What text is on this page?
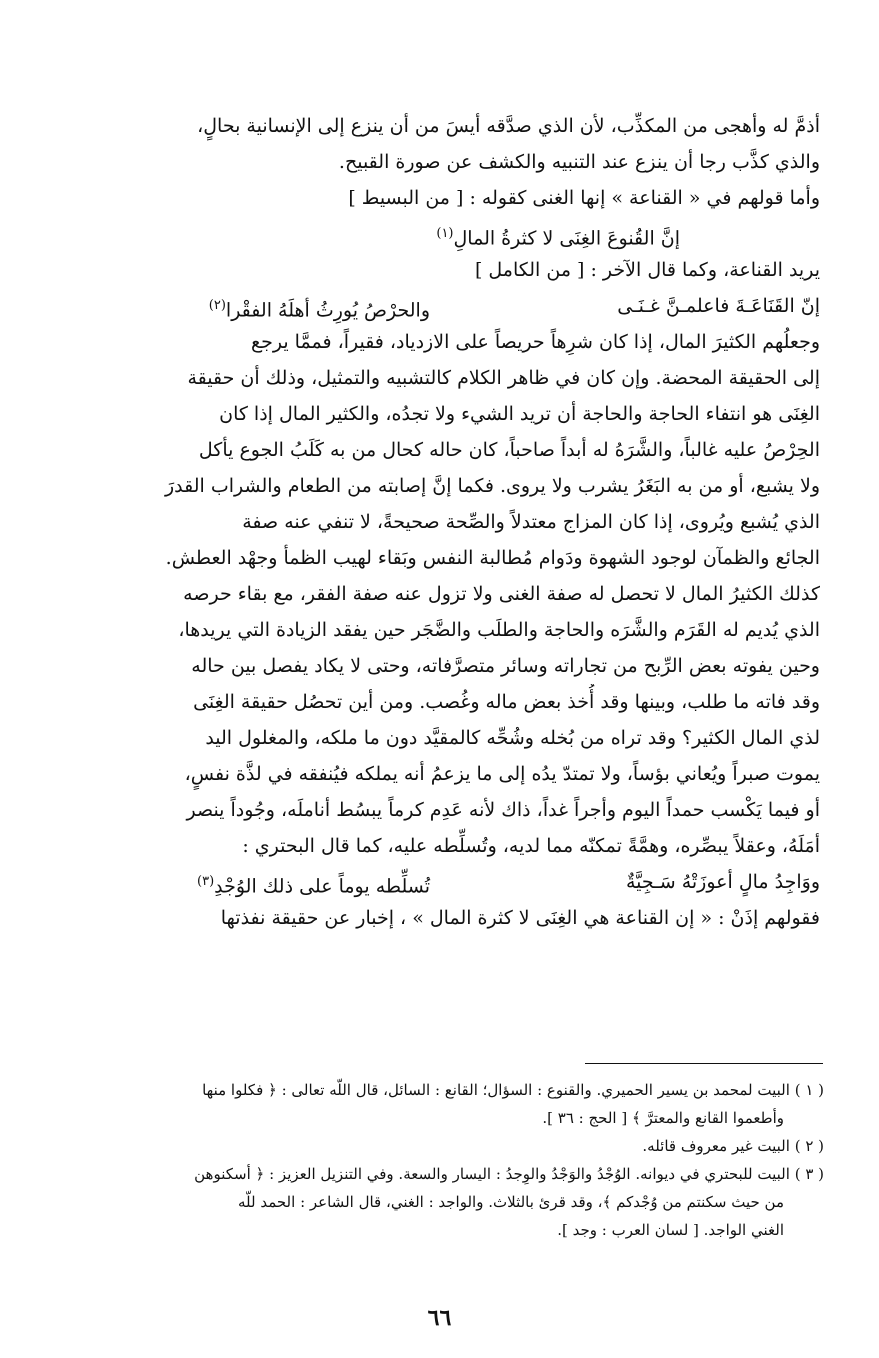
أذمَّ له وأهجى من المكذِّب، لأن الذي صدَّقه أيسَ من أن ينزع إلى الإنسانية بحالٍ،
والذي كذَّب رجا أن ينزع عند التنبيه والكشف عن صورة القبيح.
وأما قولهم في « القناعة » إنها الغنى كقوله : [ من البسيط ]
إنَّ القُنوعَ الغِنَى لا كثرةُ المالِ$^{(١)}$
يريد القناعة، وكما قال الآخر : [ من الكامل ]
إنّ القَنَاعَـةَ فاعلمـنَّ غـنَـى
والحرْصُ يُورِثُ أهلَهُ الفقْرا$^{(٢)}$
وجعلُهم الكثيرَ المال، إذا كان شرِهاً حريصاً على الازدياد، فقيراً، فممَّا يرجع
إلى الحقيقة المحضة. وإن كان في ظاهر الكلام كالتشبيه والتمثيل، وذلك أن حقيقة
الغِنَى هو انتفاء الحاجة والحاجة أن تريد الشيء ولا تجدُه، والكثير المال إذا كان
الحِرْصُ عليه غالباً، والشَّرَهُ له أبداً صاحباً، كان حاله كحال من به كَلَبُ الجوع يأكل
ولا يشبع، أو من به البَغَرُ يشرب ولا يروى. فكما إنَّ إصابته من الطعام والشراب القدرَ
الذي يُشبع ويُروى، إذا كان المزاج معتدلاً والصِّحة صحيحةً، لا تنفي عنه صفة
الجائع والظمآن لوجود الشهوة ودَوام مُطالبة النفس وبَقاء لهيب الظمأ وجهْد العطش.
كذلك الكثيرُ المال لا تحصل له صفة الغنى ولا تزول عنه صفة الفقر، مع بقاء حرصه
الذي يُديم له القَرَم والشَّرَه والحاجة والطلَب والضَّجَر حين يفقد الزيادة التي يريدها،
وحين يفوته بعض الرِّبح من تجاراته وسائر متصرَّفاته، وحتى لا يكاد يفصل بين حاله
وقد فاته ما طلب، وبينها وقد أُخذ بعض ماله وغُصب. ومن أين تحصُل حقيقة الغِنَى
لذي المال الكثير؟ وقد تراه من بُخله وشُحِّه كالمقيَّد دون ما ملكه، والمغلول اليد
يموت صبراً ويُعاني بؤساً، ولا تمتدّ يدُه إلى ما يزعمُ أنه يملكه فيُنفقه في لذَّة نفسٍ،
أو فيما يَكْسب حمداً اليوم وأجراً غداً، ذاك لأنه عَدِم كرماً يبسُط أناملَه، وجُوداً ينصر
أمَلَهُ، وعقلاً يبصِّره، وهمَّةً تمكنّه مما لديه، وتُسلِّطه عليه، كما قال البحتري :
ووَاجِدُ مالٍ أعوزَتْهُ سَـجِيَّةٌ
تُسلِّطه يوماً على ذلك الوُجْدِ$^{(٣)}$
فقولهم إذَنْ : « إن القناعة هي الغِنَى لا كثرة المال » ، إخبار عن حقيقة نفذتها
( ١ ) البيت لمحمد بن يسير الحميري. والقنوع : السؤال؛ القانع : السائل، قال اللّه تعالى : ﴿ فكلوا منها
وأطعموا القانع والمعترَّ ﴾ [ الحج : ٣٦ ].
( ٢ ) البيت غير معروف قائله.
( ٣ ) البيت للبحتري في ديوانه. الوُجْدُ والوَجْدُ والوِجدُ : اليسار والسعة. وفي التنزيل العزيز : ﴿ أسكنوهن
من حيث سكنتم من وُجْدكم ﴾، وقد قرئ بالثلاث. والواجد : الغني، قال الشاعر : الحمد للّه
الغني الواجد. [ لسان العرب : وجد ].
٦٦
